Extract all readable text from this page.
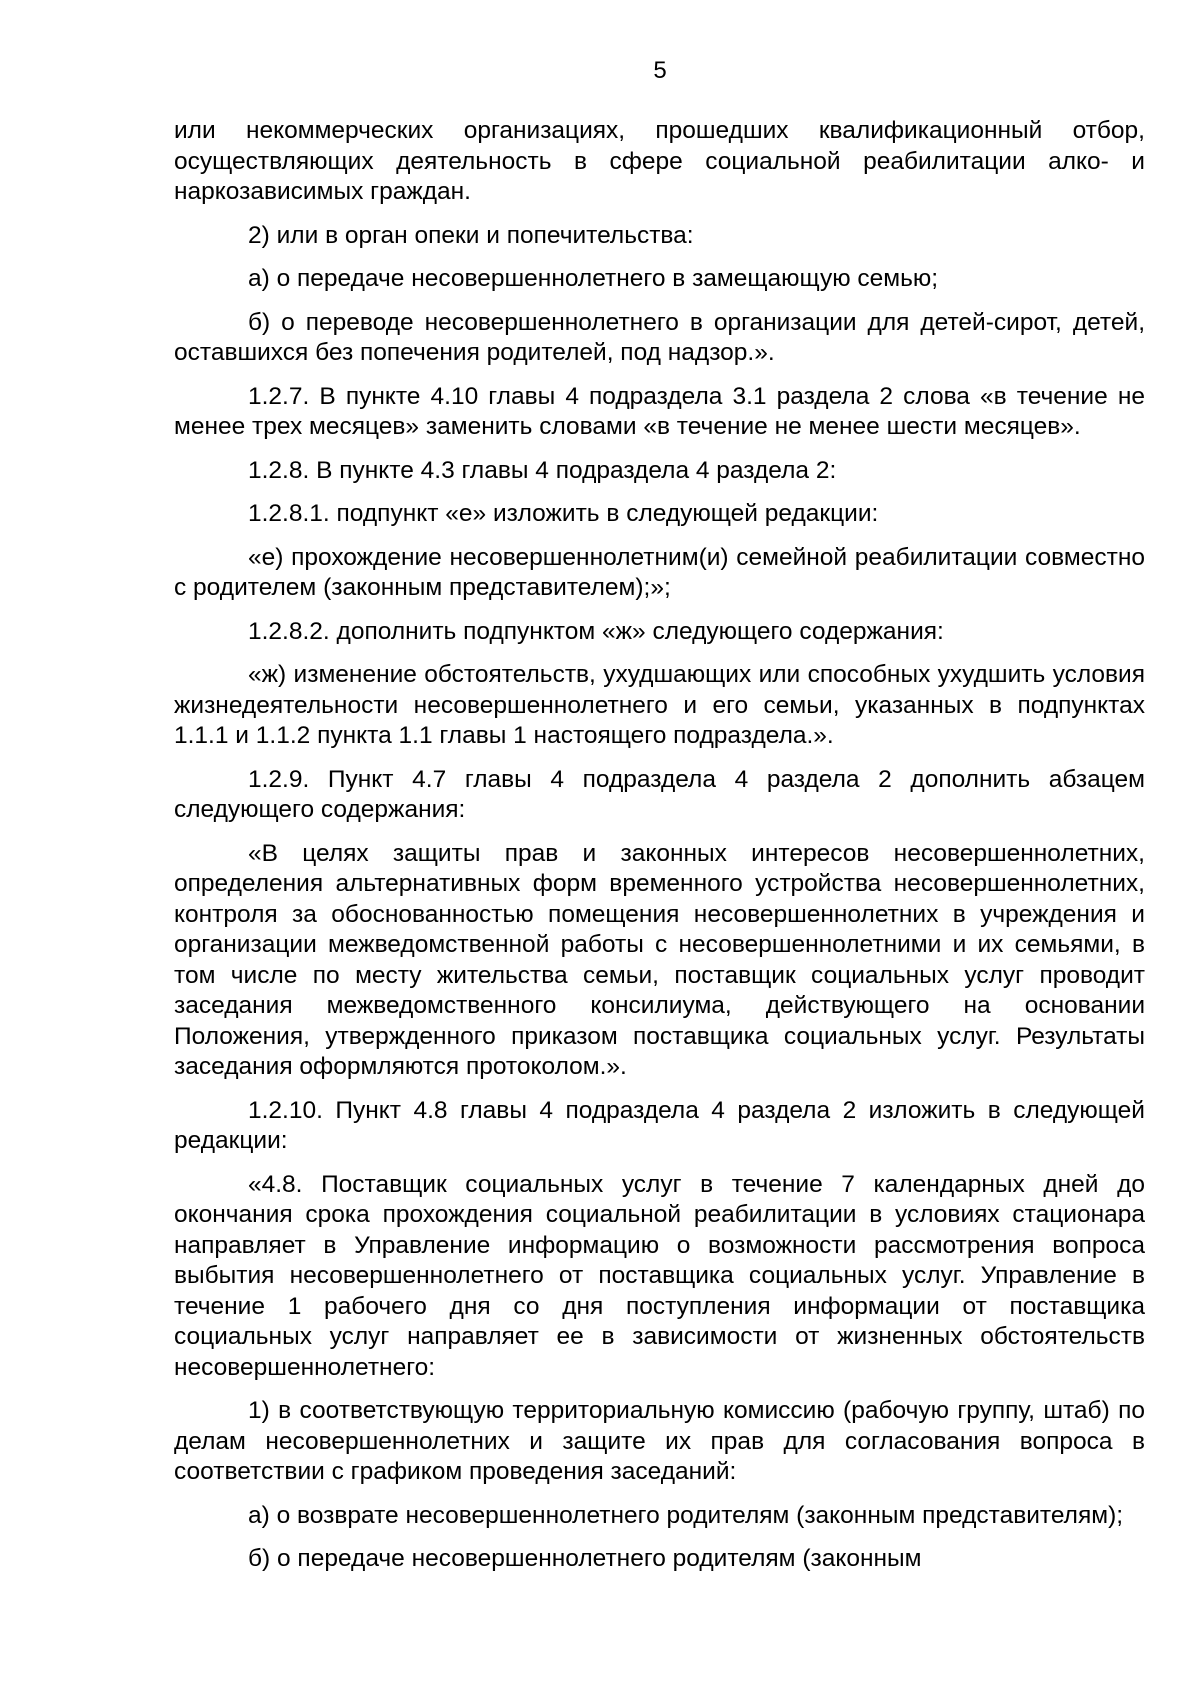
5

или некоммерческих организациях, прошедших квалификационный отбор, осуществляющих деятельность в сфере социальной реабилитации алко- и наркозависимых граждан.

2) или в орган опеки и попечительства:

а) о передаче несовершеннолетнего в замещающую семью;

б) о переводе несовершеннолетнего в организации для детей-сирот, детей, оставшихся без попечения родителей, под надзор.».

1.2.7. В пункте 4.10 главы 4 подраздела 3.1 раздела 2 слова «в течение не менее трех месяцев» заменить словами «в течение не менее шести месяцев».

1.2.8. В пункте 4.3 главы 4 подраздела 4 раздела 2:

1.2.8.1. подпункт «е» изложить в следующей редакции:

«е) прохождение несовершеннолетним(и) семейной реабилитации совместно с родителем (законным представителем);»;

1.2.8.2. дополнить подпунктом «ж» следующего содержания:

«ж) изменение обстоятельств, ухудшающих или способных ухудшить условия жизнедеятельности несовершеннолетнего и его семьи, указанных в подпунктах 1.1.1 и 1.1.2 пункта 1.1 главы 1 настоящего подраздела.».

1.2.9. Пункт 4.7 главы 4 подраздела 4 раздела 2 дополнить абзацем следующего содержания:

«В целях защиты прав и законных интересов несовершеннолетних, определения альтернативных форм временного устройства несовершеннолетних, контроля за обоснованностью помещения несовершеннолетних в учреждения и организации межведомственной работы с несовершеннолетними и их семьями, в том числе по месту жительства семьи, поставщик социальных услуг проводит заседания межведомственного консилиума, действующего на основании Положения, утвержденного приказом поставщика социальных услуг. Результаты заседания оформляются протоколом.».

1.2.10. Пункт 4.8 главы 4 подраздела 4 раздела 2 изложить в следующей редакции:

«4.8. Поставщик социальных услуг в течение 7 календарных дней до окончания срока прохождения социальной реабилитации в условиях стационара направляет в Управление информацию о возможности рассмотрения вопроса выбытия несовершеннолетнего от поставщика социальных услуг. Управление в течение 1 рабочего дня со дня поступления информации от поставщика социальных услуг направляет ее в зависимости от жизненных обстоятельств несовершеннолетнего:

1) в соответствующую территориальную комиссию (рабочую группу, штаб) по делам несовершеннолетних и защите их прав для согласования вопроса в соответствии с графиком проведения заседаний:

а) о возврате несовершеннолетнего родителям (законным представителям);

б) о передаче несовершеннолетнего родителям (законным
